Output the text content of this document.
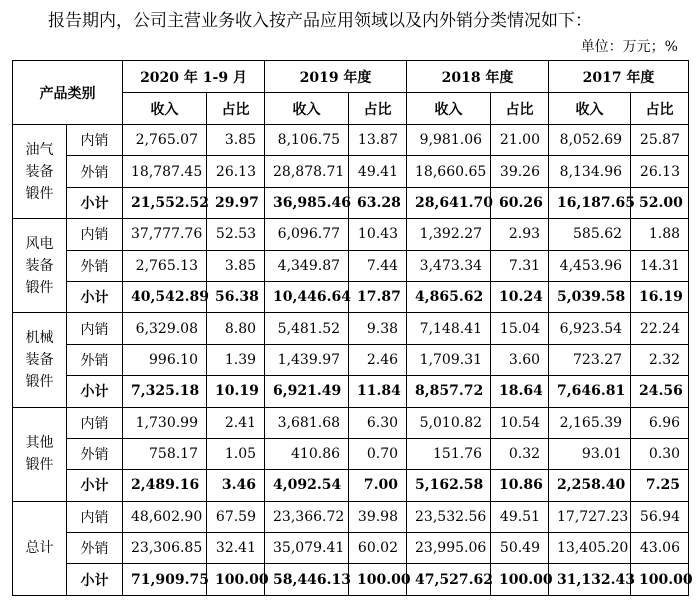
报告期内，公司主营业务收入按产品应用领域以及内外销分类情况如下：
单位：万元；%
产品类别		2020 年 1-9 月		2019 年度		2018 年度		2017 年度	
		收入	占比	收入	占比	收入	占比	收入	占比

油气
装备
锻件	内销	2,765.07	3.85	8,106.75	13.87	9,981.06	21.00	8,052.69	25.87
	外销	18,787.45	26.13	28,878.71	49.41	18,660.65	39.26	8,134.96	26.13
	小计	21,552.52	29.97	36,985.46	63.28	28,641.70	60.26	16,187.65	52.00

风电
装备
锻件	内销	37,777.76	52.53	6,096.77	10.43	1,392.27	2.93	585.62	1.88
	外销	2,765.13	3.85	4,349.87	7.44	3,473.34	7.31	4,453.96	14.31
	小计	40,542.89	56.38	10,446.64	17.87	4,865.62	10.24	5,039.58	16.19

机械
装备
锻件	内销	6,329.08	8.80	5,481.52	9.38	7,148.41	15.04	6,923.54	22.24
	外销	996.10	1.39	1,439.97	2.46	1,709.31	3.60	723.27	2.32
	小计	7,325.18	10.19	6,921.49	11.84	8,857.72	18.64	7,646.81	24.56

其他
锻件	内销	1,730.99	2.41	3,681.68	6.30	5,010.82	10.54	2,165.39	6.96
	外销	758.17	1.05	410.86	0.70	151.76	0.32	93.01	0.30
	小计	2,489.16	3.46	4,092.54	7.00	5,162.58	10.86	2,258.40	7.25

总计	内销	48,602.90	67.59	23,366.72	39.98	23,532.56	49.51	17,727.23	56.94
	外销	23,306.85	32.41	35,079.41	60.02	23,995.06	50.49	13,405.20	43.06
	小计	71,909.75	100.00	58,446.13	100.00	47,527.62	100.00	31,132.43	100.00
